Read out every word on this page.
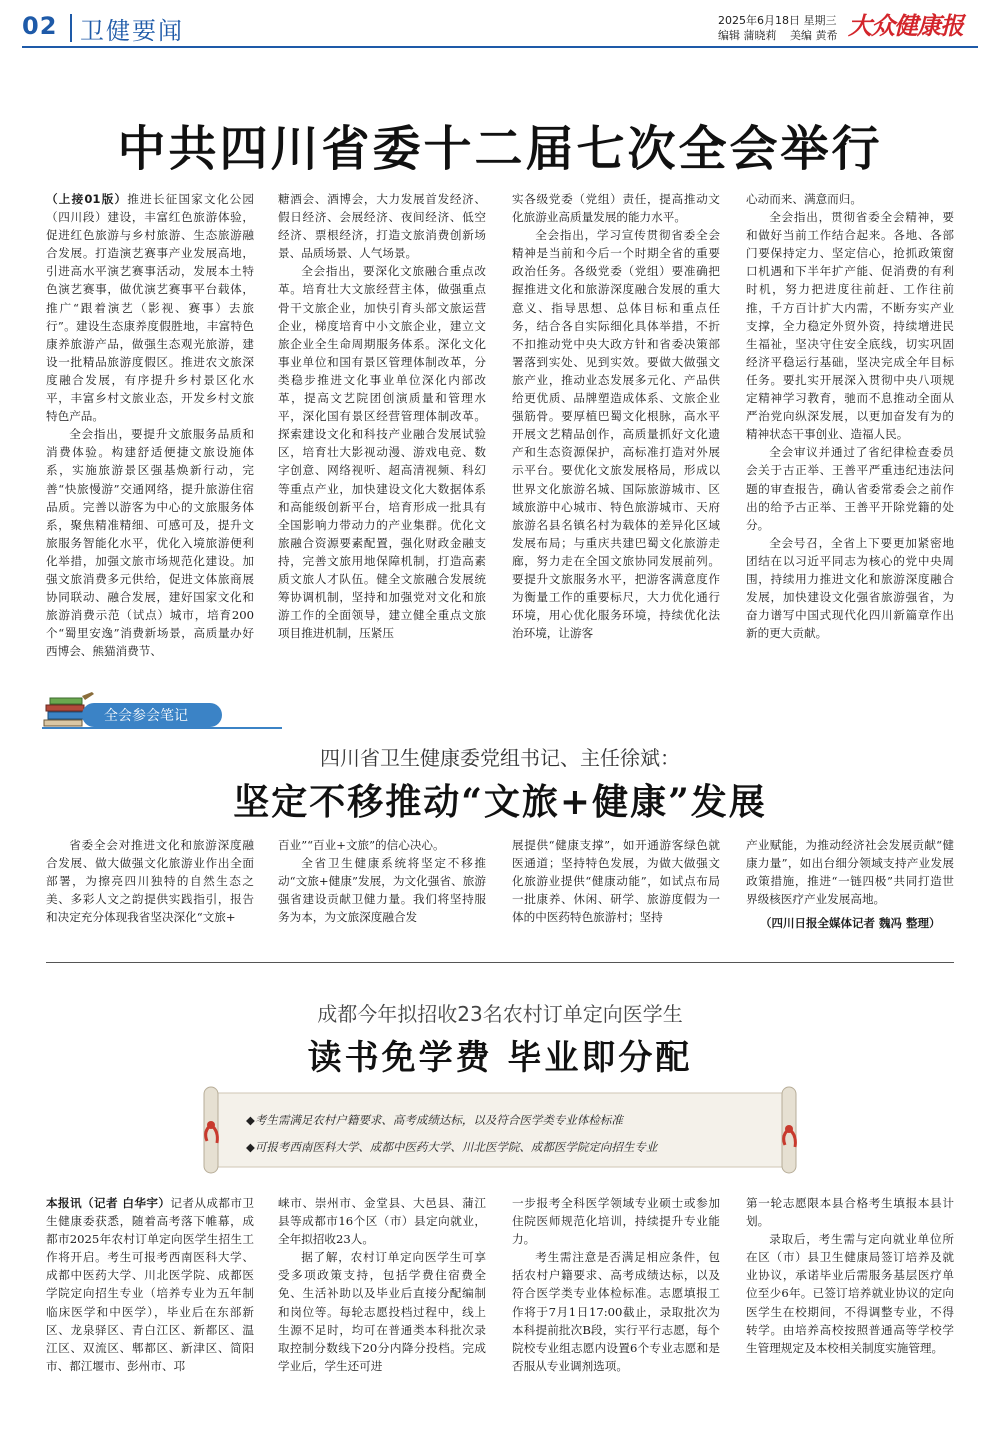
02 卫健要闻	2025年6月18日 星期三
编辑 蒲晓莉 美编 黄希 大众健康报
中共四川省委十二届七次全会举行

（上接01版）推进长征国家文化公园（四川段）建设，丰富红色旅游体验，促进红色旅游与乡村旅游、生态旅游融合发展。打造演艺赛事产业发展高地，引进高水平演艺赛事活动，发展本土特色演艺赛事，做优演艺赛事平台载体，推广“跟着演艺（影视、赛事）去旅行”。建设生态康养度假胜地，丰富特色康养旅游产品，做强生态观光旅游，建设一批精品旅游度假区。推进农文旅深度融合发展，有序提升乡村景区化水平，丰富乡村文旅业态，开发乡村文旅特色产品。

全会指出，要提升文旅服务品质和消费体验。构建舒适便捷文旅设施体系，实施旅游景区强基焕新行动，完善“快旅慢游”交通网络，提升旅游住宿品质。完善以游客为中心的文旅服务体系，聚焦精准精细、可感可及，提升文旅服务智能化水平，优化入境旅游便利化举措，加强文旅市场规范化建设。加强文旅消费多元供给，促进文体旅商展协同联动、融合发展，建好国家文化和旅游消费示范（试点）城市，培育200个“蜀里安逸”消费新场景，高质量办好西博会、熊猫消费节、

糖酒会、酒博会，大力发展首发经济、假日经济、会展经济、夜间经济、低空经济、票根经济，打造文旅消费创新场景、品质场景、人气场景。

全会指出，要深化文旅融合重点改革。培育壮大文旅经营主体，做强重点骨干文旅企业，加快引育头部文旅运营企业，梯度培育中小文旅企业，建立文旅企业全生命周期服务体系。深化文化事业单位和国有景区管理体制改革，分类稳步推进文化事业单位深化内部改革，提高文艺院团创演质量和管理水平，深化国有景区经营管理体制改革。探索建设文化和科技产业融合发展试验区，培育壮大影视动漫、游戏电竞、数字创意、网络视听、超高清视频、科幻等重点产业，加快建设文化大数据体系和高能级创新平台，培育形成一批具有全国影响力带动力的产业集群。优化文旅融合资源要素配置，强化财政金融支持，完善文旅用地保障机制，打造高素质文旅人才队伍。健全文旅融合发展统筹协调机制，坚持和加强党对文化和旅游工作的全面领导，建立健全重点文旅项目推进机制，压紧压

实各级党委（党组）责任，提高推动文化旅游业高质量发展的能力水平。

全会指出，学习宣传贯彻省委全会精神是当前和今后一个时期全省的重要政治任务。各级党委（党组）要准确把握推进文化和旅游深度融合发展的重大意义、指导思想、总体目标和重点任务，结合各自实际细化具体举措，不折不扣推动党中央大政方针和省委决策部署落到实处、见到实效。要做大做强文旅产业，推动业态发展多元化、产品供给更优质、品牌塑造成体系、文旅企业强筋骨。要厚植巴蜀文化根脉，高水平开展文艺精品创作，高质量抓好文化遗产和生态资源保护，高标准打造对外展示平台。要优化文旅发展格局，形成以世界文化旅游名城、国际旅游城市、区域旅游中心城市、特色旅游城市、天府旅游名县名镇名村为载体的差异化区域发展布局；与重庆共建巴蜀文化旅游走廊，努力走在全国文旅协同发展前列。要提升文旅服务水平，把游客满意度作为衡量工作的重要标尺，大力优化通行环境，用心优化服务环境，持续优化法治环境，让游客

心动而来、满意而归。

全会指出，贯彻省委全会精神，要和做好当前工作结合起来。各地、各部门要保持定力、坚定信心，抢抓政策窗口机遇和下半年扩产能、促消费的有利时机，努力把进度往前赶、工作往前推，千方百计扩大内需，不断夯实产业支撑，全力稳定外贸外资，持续增进民生福祉，坚决守住安全底线，切实巩固经济平稳运行基础，坚决完成全年目标任务。要扎实开展深入贯彻中央八项规定精神学习教育，驰而不息推动全面从严治党向纵深发展，以更加奋发有为的精神状态干事创业、造福人民。

全会审议并通过了省纪律检查委员会关于古正举、王善平严重违纪违法问题的审查报告，确认省委常委会之前作出的给予古正举、王善平开除党籍的处分。

全会号召，全省上下要更加紧密地团结在以习近平同志为核心的党中央周围，持续用力推进文化和旅游深度融合发展，加快建设文化强省旅游强省，为奋力谱写中国式现代化四川新篇章作出新的更大贡献。

全会参会笔记
四川省卫生健康委党组书记、主任徐斌：
坚定不移推动“文旅+健康”发展

省委全会对推进文化和旅游深度融合发展、做大做强文化旅游业作出全面部署，为擦亮四川独特的自然生态之美、多彩人文之韵提供实践指引，报告和决定充分体现我省坚决深化“文旅+

百业”“百业+文旅”的信心决心。

全省卫生健康系统将坚定不移推动“文旅+健康”发展，为文化强省、旅游强省建设贡献卫健力量。我们将坚持服务为本，为文旅深度融合发

展提供“健康支撑”，如开通游客绿色就医通道；坚持特色发展，为做大做强文化旅游业提供“健康动能”，如试点布局一批康养、休闲、研学、旅游度假为一体的中医药特色旅游村；坚持

产业赋能，为推动经济社会发展贡献“健康力量”，如出台细分领域支持产业发展政策措施，推进“一链四极”共同打造世界级核医疗产业发展高地。

（四川日报全媒体记者 魏冯 整理）
成都今年拟招收23名农村订单定向医学生
读书免学费 毕业即分配
◆考生需满足农村户籍要求、高考成绩达标，以及符合医学类专业体检标准
◆可报考西南医科大学、成都中医药大学、川北医学院、成都医学院定向招生专业

本报讯（记者 白华宇）记者从成都市卫生健康委获悉，随着高考落下帷幕，成都市2025年农村订单定向医学生招生工作将开启。考生可报考西南医科大学、成都中医药大学、川北医学院、成都医学院定向招生专业（培养专业为五年制临床医学和中医学），毕业后在东部新区、龙泉驿区、青白江区、新都区、温江区、双流区、郫都区、新津区、简阳市、都江堰市、彭州市、邛

崃市、崇州市、金堂县、大邑县、蒲江县等成都市16个区（市）县定向就业，全年拟招收23人。

据了解，农村订单定向医学生可享受多项政策支持，包括学费住宿费全免、生活补助以及毕业后直接分配编制和岗位等。每轮志愿投档过程中，线上生源不足时，均可在普通类本科批次录取控制分数线下20分内降分投档。完成学业后，学生还可进

一步报考全科医学领域专业硕士或参加住院医师规范化培训，持续提升专业能力。

考生需注意是否满足相应条件，包括农村户籍要求、高考成绩达标，以及符合医学类专业体检标准。志愿填报工作将于7月1日17:00截止，录取批次为本科提前批次B段，实行平行志愿，每个院校专业组志愿内设置6个专业志愿和是否服从专业调剂选项。

第一轮志愿限本县合格考生填报本县计划。

录取后，考生需与定向就业单位所在区（市）县卫生健康局签订培养及就业协议，承诺毕业后需服务基层医疗单位至少6年。已签订培养就业协议的定向医学生在校期间，不得调整专业，不得转学。由培养高校按照普通高等学校学生管理规定及本校相关制度实施管理。
